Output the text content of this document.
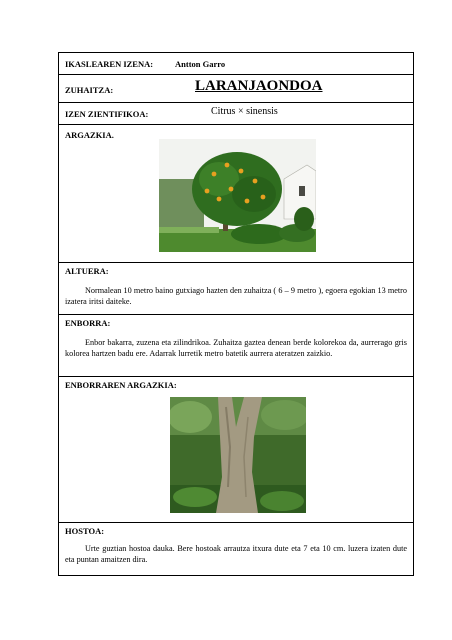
IKASLEAREN IZENA:	Antton Garro
ZUHAITZA:	LARANJAONDOA
IZEN ZIENTIFIKOA:	Citrus × sinensis
ARGAZKIA.
ALTUERA:

Normalean 10 metro baino gutxiago hazten den zuhaitza ( 6 – 9 metro ), egoera egokian 13 metro izatera iritsi daiteke.

ENBORRA:

Enbor bakarra, zuzena eta zilindrikoa. Zuhaitza gaztea denean berde kolorekoa da, aurrerago gris kolorea hartzen badu ere. Adarrak lurretik metro batetik aurrera ateratzen zaizkio.

ENBORRAREN ARGAZKIA:
HOSTOA:

Urte guztian hostoa dauka. Bere hostoak arrautza itxura dute eta 7 eta 10 cm. luzera izaten dute eta puntan amaitzen dira.
